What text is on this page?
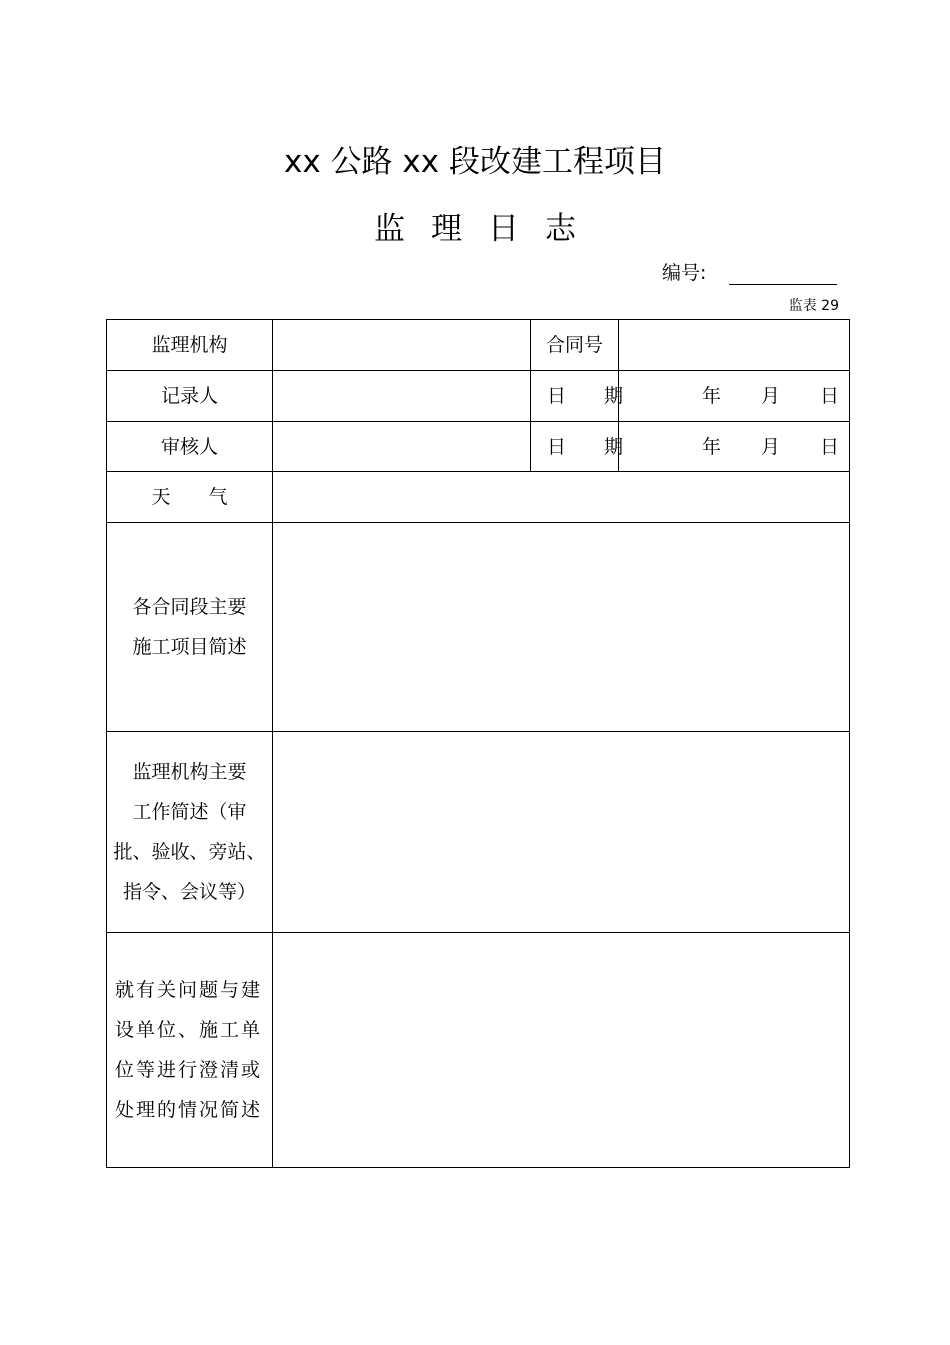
xx 公路 xx 段改建工程项目
监理日志
编号:
监表 29
监理机构		合同号	
记录人		日 期	年 月 日
审核人		日 期	年 月 日
天 气			

各合同段主要
施工项目简述			

监理机构主要
工作简述（审
批、验收、旁站、
指令、会议等）			

就有关问题与建设单位、施工单位等进行澄清或处理的情况简述			
